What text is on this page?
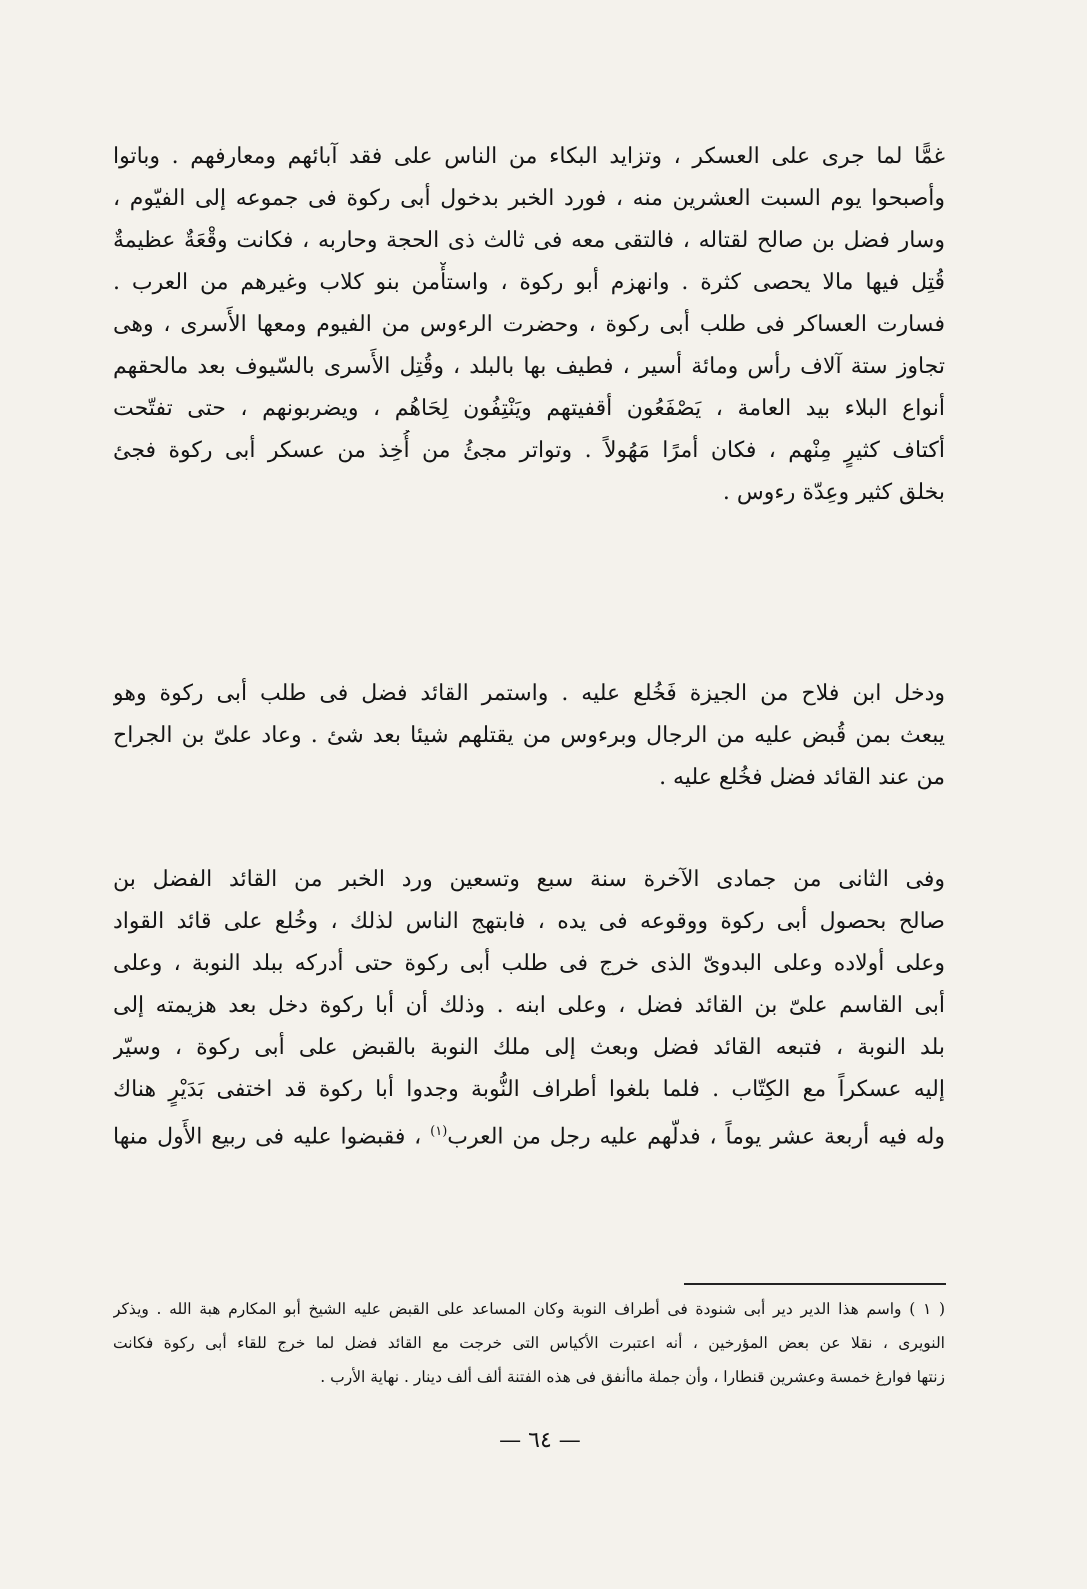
غمًّا لما جرى على العسكر ، وتزايد البكاء من الناس على فقد آبائهم ومعارفهم . وباتوا
وأصبحوا يوم السبت العشرين منه ، فورد الخبر بدخول أبى ركوة فى جموعه إلى الفيّوم ،
وسار فضل بن صالح لقتاله ، فالتقى معه فى ثالث ذى الحجة وحاربه ، فكانت وقْعَةٌ عظيمةٌ
قُتِل فيها مالا يحصى كثرة . وانهزم أبو ركوة ، واستأْمن بنو كلاب وغيرهم من العرب .
فسارت العساكر فى طلب أبى ركوة ، وحضرت الرءوس من الفيوم ومعها الأَسرى ، وهى
تجاوز ستة آلاف رأس ومائة أسير ، فطيف بها بالبلد ، وقُتِل الأَسرى بالسّيوف بعد مالحقهم
أنواع البلاء بيد العامة ، يَصْفَعُون أقفيتهم ويَنْتِفُون لِحَاهُم ، ويضربونهم ، حتى تفتّحت
أكتاف كثيرٍ مِنْهم ، فكان أمرًا مَهُولاً . وتواتر مجئُ من أُخِذ من عسكر أبى ركوة فجئ
بخلق كثير وعِدّة رءوس .
ودخل ابن فلاح من الجيزة فَخُلع عليه . واستمر القائد فضل فى طلب أبى ركوة وهو
يبعث بمن قُبض عليه من الرجال وبرءوس من يقتلهم شيئا بعد شئ . وعاد علىّ بن الجراح
من عند القائد فضل فخُلع عليه .
وفى الثانى من جمادى الآخرة سنة سبع وتسعين ورد الخبر من القائد الفضل بن
صالح بحصول أبى ركوة ووقوعه فى يده ، فابتهج الناس لذلك ، وخُلع على قائد القواد
وعلى أولاده وعلى البدوىّ الذى خرج فى طلب أبى ركوة حتى أدركه ببلد النوبة ، وعلى
أبى القاسم علىّ بن القائد فضل ، وعلى ابنه . وذلك أن أبا ركوة دخل بعد هزيمته إلى
بلد النوبة ، فتبعه القائد فضل وبعث إلى ملك النوبة بالقبض على أبى ركوة ، وسيّر
إليه عسكراً مع الكِتّاب . فلما بلغوا أطراف النُّوبة وجدوا أبا ركوة قد اختفى بَدَيْرٍ هناك
وله فيه أربعة عشر يوماً ، فدلّهم عليه رجل من العرب$^{(١)}$ ، فقبضوا عليه فى ربيع الأَول منها
( ١ ) واسم هذا الدير دير أبى شنودة فى أطراف النوبة وكان المساعد على القبض عليه الشيخ أبو المكارم هبة الله . ويذكر
النويرى ، نقلا عن بعض المؤرخين ، أنه اعتبرت الأكياس التى خرجت مع القائد فضل لما خرج للقاء أبى ركوة فكانت
زنتها فوارغ خمسة وعشرين قنطارا ، وأن جملة ماأنفق فى هذه الفتنة ألف ألف دينار . نهاية الأرب .
— ٦٤ —
